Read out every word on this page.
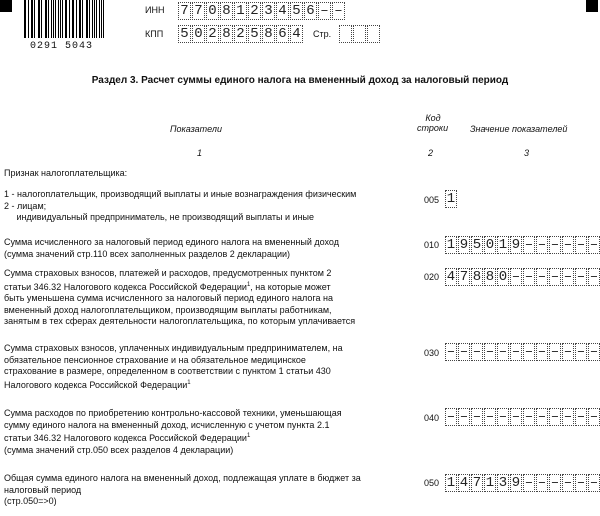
0291 5043
ИНН 7 7 0 8 1 2 3 4 5 6 – –
КПП 5 0 2 8 2 5 8 6 4 Стр.
Раздел 3. Расчет суммы единого налога на вмененный доход за налоговый период
Показатели
Код
строки Значение показателей
1	2	3
Признак налогоплательщика:
1 - налогоплательщик, производящий выплаты и иные вознаграждения физическим
2 - лицам;
индивидуальный предприниматель, не производящий выплаты и иные
005 1
Сумма исчисленного за налоговый период единого налога на вмененный доход
(сумма значений стр.110 всех заполненных разделов 2 декларации)
010 1 9 5 0 1 9 – – – – – –
Сумма страховых взносов, платежей и расходов, предусмотренных пунктом 2
статьи 346.32 Налогового кодекса Российской Федерации$^1$, на которые может
быть уменьшена сумма исчисленного за налоговый период единого налога на
вмененный доход налогоплательщиком, производящим выплаты работникам,
занятым в тех сферах деятельности налогоплательщика, по которым уплачивается
020 4 7 8 8 0 – – – – – – –
Сумма страховых взносов, уплаченных индивидуальным предпринимателем, на
обязательное пенсионное страхование и на обязательное медицинское
страхование в размере, определенном в соответствии с пунктом 1 статьи 430
Налогового кодекса Российской Федерации$^1$
030 – – – – – – – – – – – –
Сумма расходов по приобретению контрольно-кассовой техники, уменьшающая
сумму единого налога на вмененный доход, исчисленную с учетом пункта 2.1
статьи 346.32 Налогового кодекса Российской Федерации$^1$
(сумма значений стр.050 всех разделов 4 декларации)
040 – – – – – – – – – – – –
Общая сумма единого налога на вмененный доход, подлежащая уплате в бюджет за
налоговый период
(стр.050=>0)
050 1 4 7 1 3 9 – – – – – –
